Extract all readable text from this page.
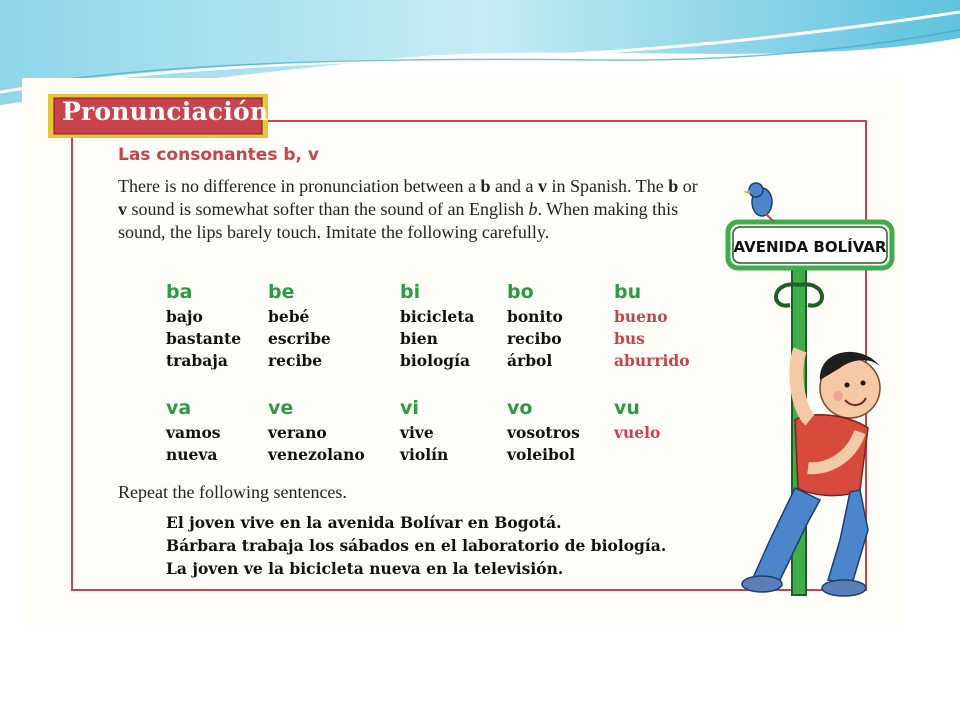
Pronunciación
Las consonantes b, v
There is no difference in pronunciation between a b and a v in Spanish. The b or v sound is somewhat softer than the sound of an English b. When making this sound, the lips barely touch. Imitate the following carefully.
ba
bajo
bastante
trabaja
be
bebé
escribe
recibe
bi
bicicleta
bien
biología
bo
bonito
recibo
árbol
bu
bueno
bus
aburrido
va
vamos
nueva
ve
verano
venezolano
vi
vive
violín
vo
vosotros
voleibol
vu
vuelo
Repeat the following sentences.
El joven vive en la avenida Bolívar en Bogotá.
Bárbara trabaja los sábados en el laboratorio de biología.
La joven ve la bicicleta nueva en la televisión.
AVENIDA BOLÍVAR
